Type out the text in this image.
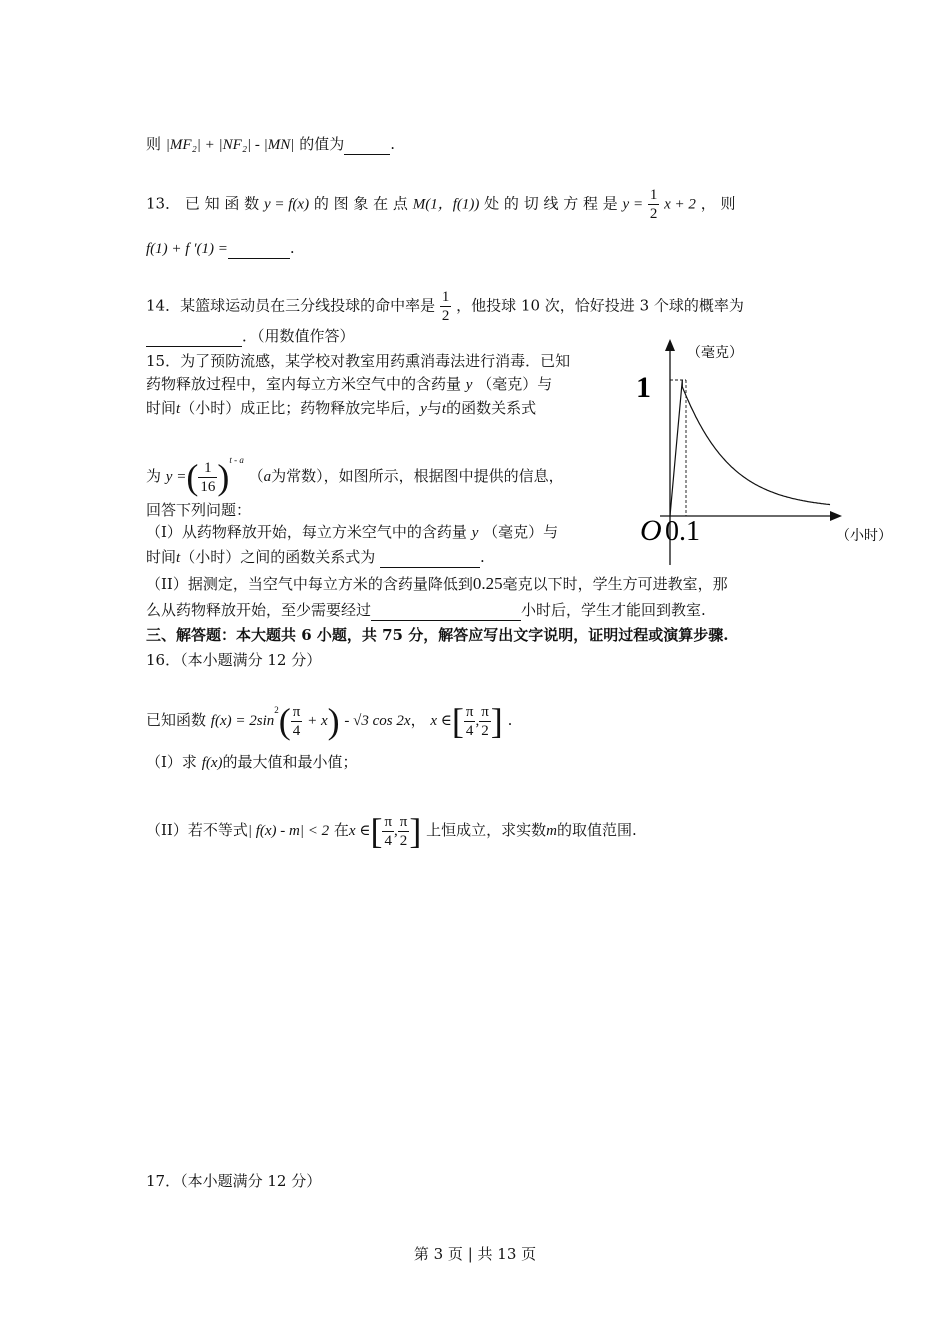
则 |MF₂| + |NF₂| - |MN| 的值为	.
13． 已 知 函 数 y = f(x) 的 图 象 在 点 M(1，f(1)) 处 的 切 线 方 程 是 $y = \frac{1}{2}$ x + 2 ， 则
f(1) + f ′(1) =	.
14．某篮球运动员在三分线投球的命中率是 $\frac{1}{2}$ ，他投球 10 次，恰好投进 3 个球的概率为
．（用数值作答）
15．为了预防流感，某学校对教室用药熏消毒法进行消毒．已知
药物释放过程中，室内每立方米空气中的含药量 y （毫克）与
时间t（小时）成正比；药物释放完毕后，y与t的函数关系式
为 y =( $\frac{1}{16} )^{t - a}$ （a为常数），如图所示，根据图中提供的信息，
回答下列问题：
（I）从药物释放开始，每立方米空气中的含药量 y （毫克）与
时间t（小时）之间的函数关系式为	.
（II）据测定，当空气中每立方米的含药量降低到0.25毫克以下时，学生方可进教室，那
么从药物释放开始，至少需要经过	小时后，学生才能回到教室.
（毫克）
（小时）
1
O 0.1
三、解答题：本大题共 6 小题，共 75 分，解答应写出文字说明，证明过程或演算步骤.
16．（本小题满分 12 分）
已知函数 $f(x) = 2\sin^2( \frac{\pi}{4} + x) - √3$ cos 2x， x ∈[ $\frac{\pi}{4}$ , $\frac{\pi}{2}$ ] .
（I）求 f(x)的最大值和最小值；
（II）若不等式| f(x) - m| < 2 在x ∈[ $\frac{\pi}{4}$ , $\frac{\pi}{2}$ ] 上恒成立，求实数m的取值范围.
17．（本小题满分 12 分）
第 3 页 | 共 13 页
